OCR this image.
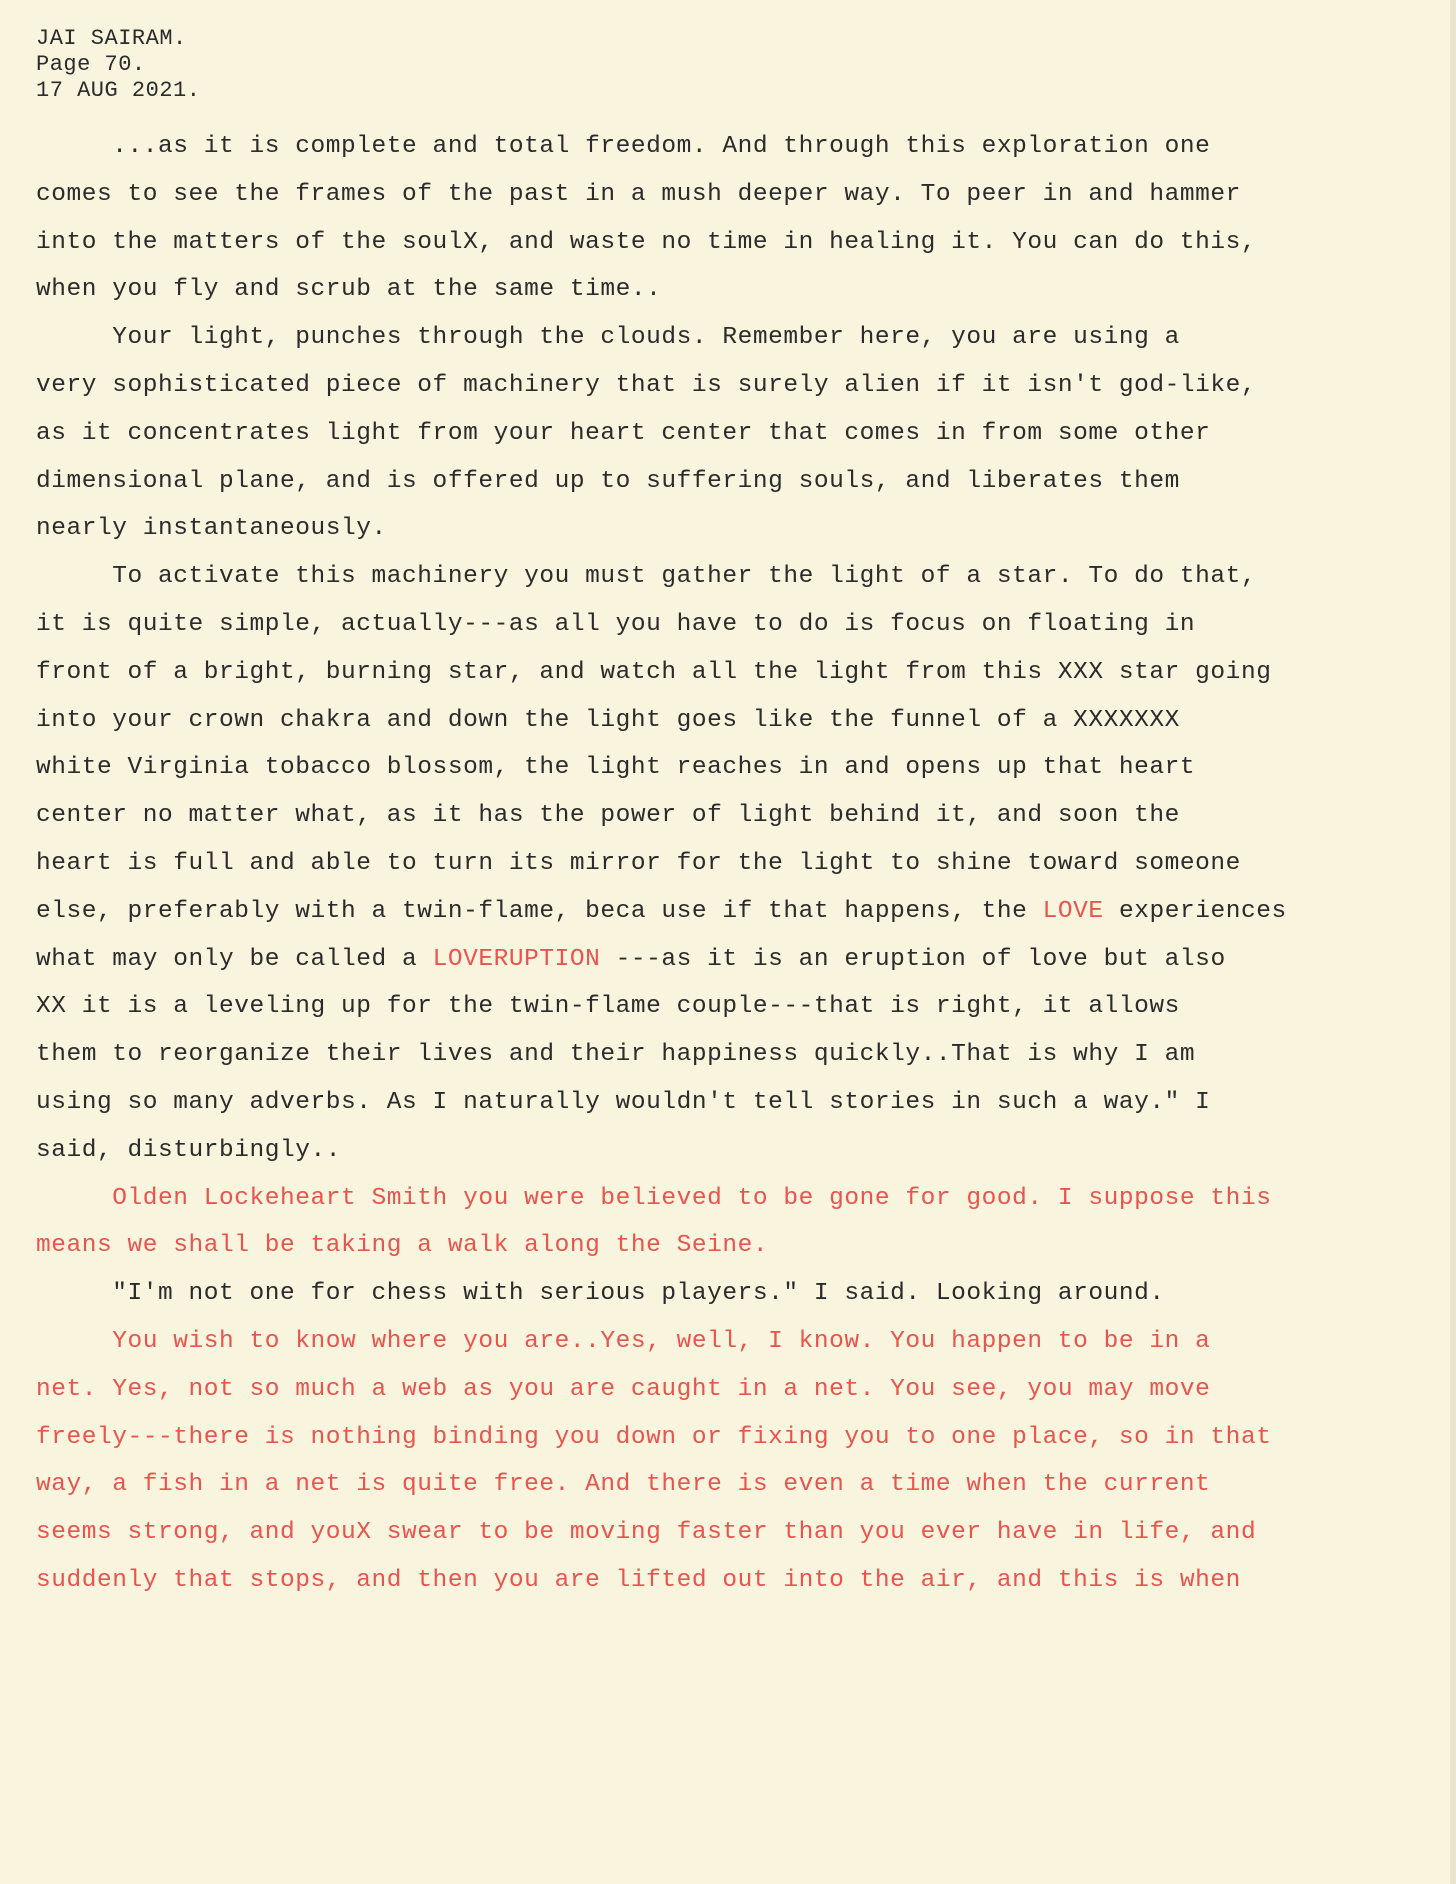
JAI SAIRAM.
Page 70.
17 AUG 2021.
...as it is complete and total freedom. And through this exploration one
comes to see the frames of the past in a mush deeper way. To peer in and hammer
into the matters of the soulX, and waste no time in healing it. You can do this,
when you fly and scrub at the same time..
Your light, punches through the clouds. Remember here, you are using a
very sophisticated piece of machinery that is surely alien if it isn't god-like,
as it concentrates light from your heart center that comes in from some other
dimensional plane, and is offered up to suffering souls, and liberates them
nearly instantaneously.
To activate this machinery you must gather the light of a star. To do that,
it is quite simple, actually---as all you have to do is focus on floating in
front of a bright, burning star, and watch all the light from this XXX star going
into your crown chakra and down the light goes like the funnel of a XXXXXXX
white Virginia tobacco blossom, the light reaches in and opens up that heart
center no matter what, as it has the power of light behind it, and soon the
heart is full and able to turn its mirror for the light to shine toward someone
else, preferably with a twin-flame, beca use if that happens, the LOVE experiences
what may only be called a LOVERUPTION ---as it is an eruption of love but also
XX it is a leveling up for the twin-flame couple---that is right, it allows
them to reorganize their lives and their happiness quickly..That is why I am
using so many adverbs. As I naturally wouldn't tell stories in such a way." I
said, disturbingly..
Olden Lockeheart Smith you were believed to be gone for good. I suppose this
means we shall be taking a walk along the Seine.
"I'm not one for chess with serious players." I said. Looking around.
You wish to know where you are..Yes, well, I know. You happen to be in a
net. Yes, not so much a web as you are caught in a net. You see, you may move
freely---there is nothing binding you down or fixing you to one place, so in that
way, a fish in a net is quite free. And there is even a time when the current
seems strong, and youX swear to be moving faster than you ever have in life, and
suddenly that stops, and then you are lifted out into the air, and this is when
